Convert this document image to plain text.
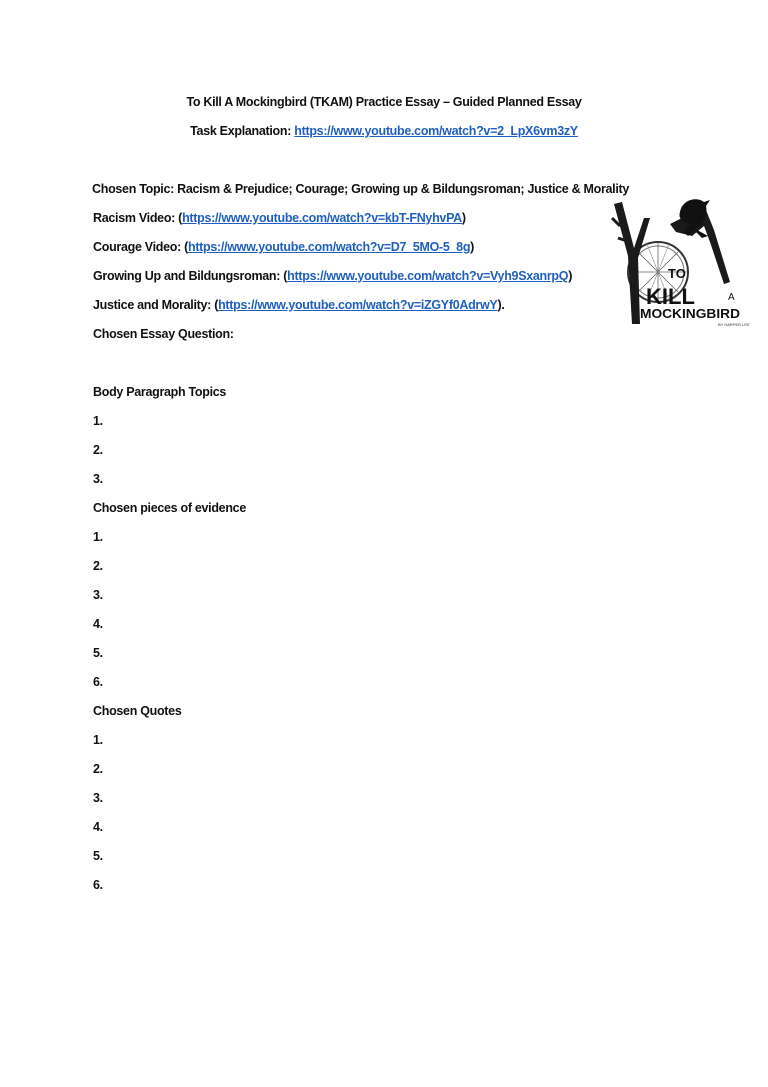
To Kill A Mockingbird (TKAM) Practice Essay – Guided Planned Essay
Task Explanation: https://www.youtube.com/watch?v=2_LpX6vm3zY
Chosen Topic: Racism & Prejudice; Courage; Growing up & Bildungsroman; Justice & Morality
Racism Video: (https://www.youtube.com/watch?v=kbT-FNyhvPA)
Courage Video: (https://www.youtube.com/watch?v=D7_5MO-5_8g)
Growing Up and Bildungsroman: (https://www.youtube.com/watch?v=Vyh9SxanrpQ)
Justice and Morality: (https://www.youtube.com/watch?v=iZGYf0AdrwY).
Chosen Essay Question:
Body Paragraph Topics
1.
2.
3.
Chosen pieces of evidence
1.
2.
3.
4.
5.
6.
Chosen Quotes
1.
2.
3.
4.
5.
6.
TO
KILL	A
MOCKINGBIRD
BY HARPER LEE
